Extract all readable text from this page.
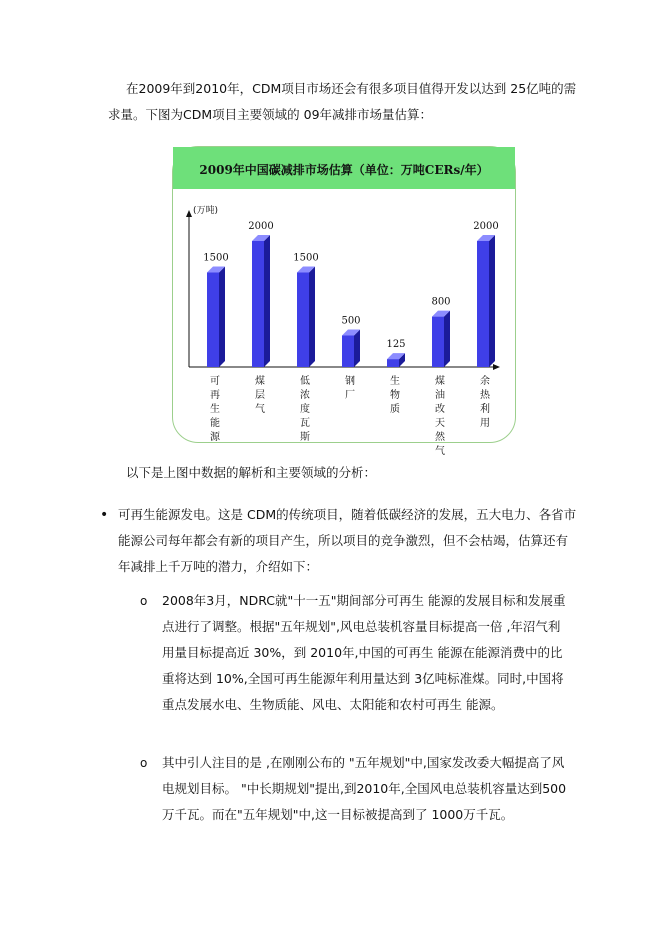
在2009年到2010年，CDM项目市场还会有很多项目值得开发以达到 25亿吨的需求量。下图为CDM项目主要领域的 09年减排市场量估算：

2009年中国碳减排市场估算（单位：万吨CERs/年）
(万吨)
1500
可
再
生
能
源
2000
煤
层
气
1500
低
浓
度
瓦
斯
500
钢
厂
125
生
物
质
800
煤
油
改
天
然
气
2000
余
热
利
用

以下是上图中数据的解析和主要领域的分析：

• 可再生能源发电。这是 CDM的传统项目，随着低碳经济的发展，五大电力、各省市能源公司每年都会有新的项目产生，所以项目的竞争激烈，但不会枯竭，估算还有年减排上千万吨的潜力，介绍如下：

o 2008年3月，NDRC就"十一五"期间部分可再生 能源的发展目标和发展重点进行了调整。根据"五年规划",风电总装机容量目标提高一倍 ,年沼气利用量目标提高近 30%，到 2010年,中国的可再生 能源在能源消费中的比重将达到 10%,全国可再生能源年利用量达到 3亿吨标准煤。同时,中国将重点发展水电、生物质能、风电、太阳能和农村可再生 能源。

o 其中引人注目的是 ,在刚刚公布的 "五年规划"中,国家发改委大幅提高了风电规划目标。 "中长期规划"提出,到2010年,全国风电总装机容量达到500万千瓦。而在"五年规划"中,这一目标被提高到了 1000万千瓦。
